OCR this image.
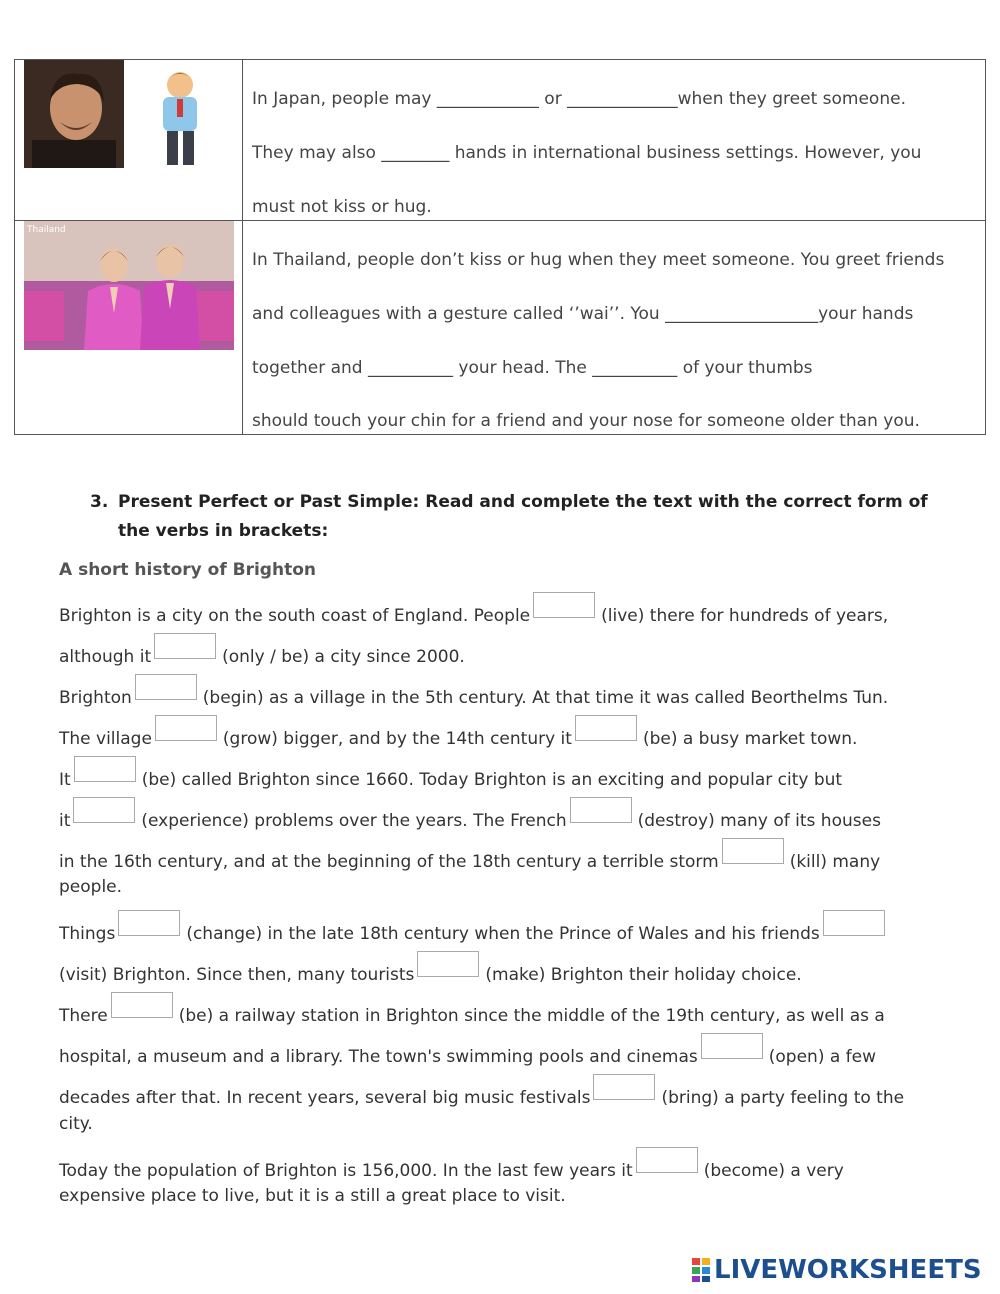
In Japan, people may ____________ or _____________when they greet someone.
They may also ________ hands in international business settings. However, you
must not kiss or hug.
Thailand
In Thailand, people don’t kiss or hug when they meet someone. You greet friends
and colleagues with a gesture called ‘’wai’’. You __________________your hands
together and __________ your head. The __________ of your thumbs
should touch your chin for a friend and your nose for someone older than you.
3. Present Perfect or Past Simple: Read and complete the text with the correct form of the verbs in brackets:
A short history of Brighton
Brighton is a city on the south coast of England. People	(live) there for hundreds of years,
although it	(only / be) a city since 2000.
Brighton	(begin) as a village in the 5th century. At that time it was called Beorthelms Tun.
The village	(grow) bigger, and by the 14th century it	(be) a busy market town.
It	(be) called Brighton since 1660. Today Brighton is an exciting and popular city but
it	(experience) problems over the years. The French	(destroy) many of its houses
in the 16th century, and at the beginning of the 18th century a terrible storm	(kill) many
people.
Things	(change) in the late 18th century when the Prince of Wales and his friends
(visit) Brighton. Since then, many tourists	(make) Brighton their holiday choice.
There	(be) a railway station in Brighton since the middle of the 19th century, as well as a
hospital, a museum and a library. The town's swimming pools and cinemas	(open) a few
decades after that. In recent years, several big music festivals	(bring) a party feeling to the
city.
Today the population of Brighton is 156,000. In the last few years it	(become) a very
expensive place to live, but it is a still a great place to visit.
LIVEWORKSHEETS
